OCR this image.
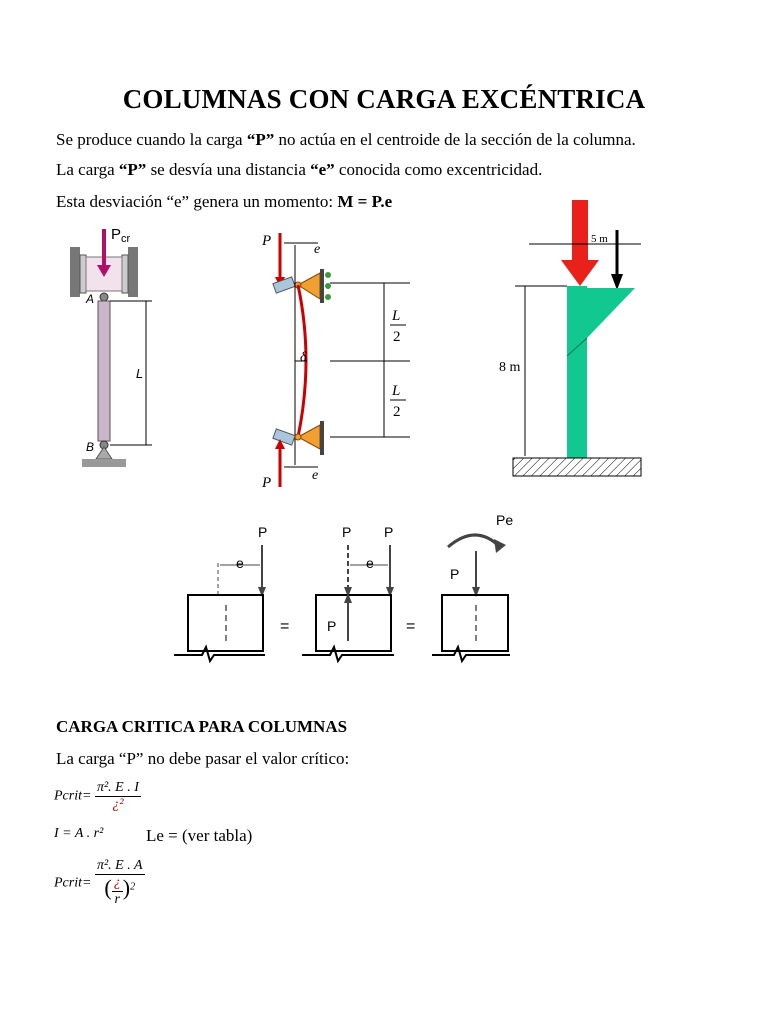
COLUMNAS CON CARGA EXCÉNTRICA
Se produce cuando la carga “P” no actúa en el centroide de la sección de la columna.
La carga “P” se desvía una distancia “e” conocida como excentricidad.
Esta desviación “e” genera un momento: M = P.e
$P_{cr}$
A
B
L
P
e
δ
P	e
L
2
L
2
5 m
8 m
P
e
=
P P
e
P	=
Pe
P
CARGA CRITICA PARA COLUMNAS
La carga “P” no debe pasar el valor crítico:
Pcrit= $\frac{\text{π². E . I}}{\text{¿²}}$
I = A . r²	Le = (ver tabla)
Pcrit= π². E . A
( ¿
r )$^2$
